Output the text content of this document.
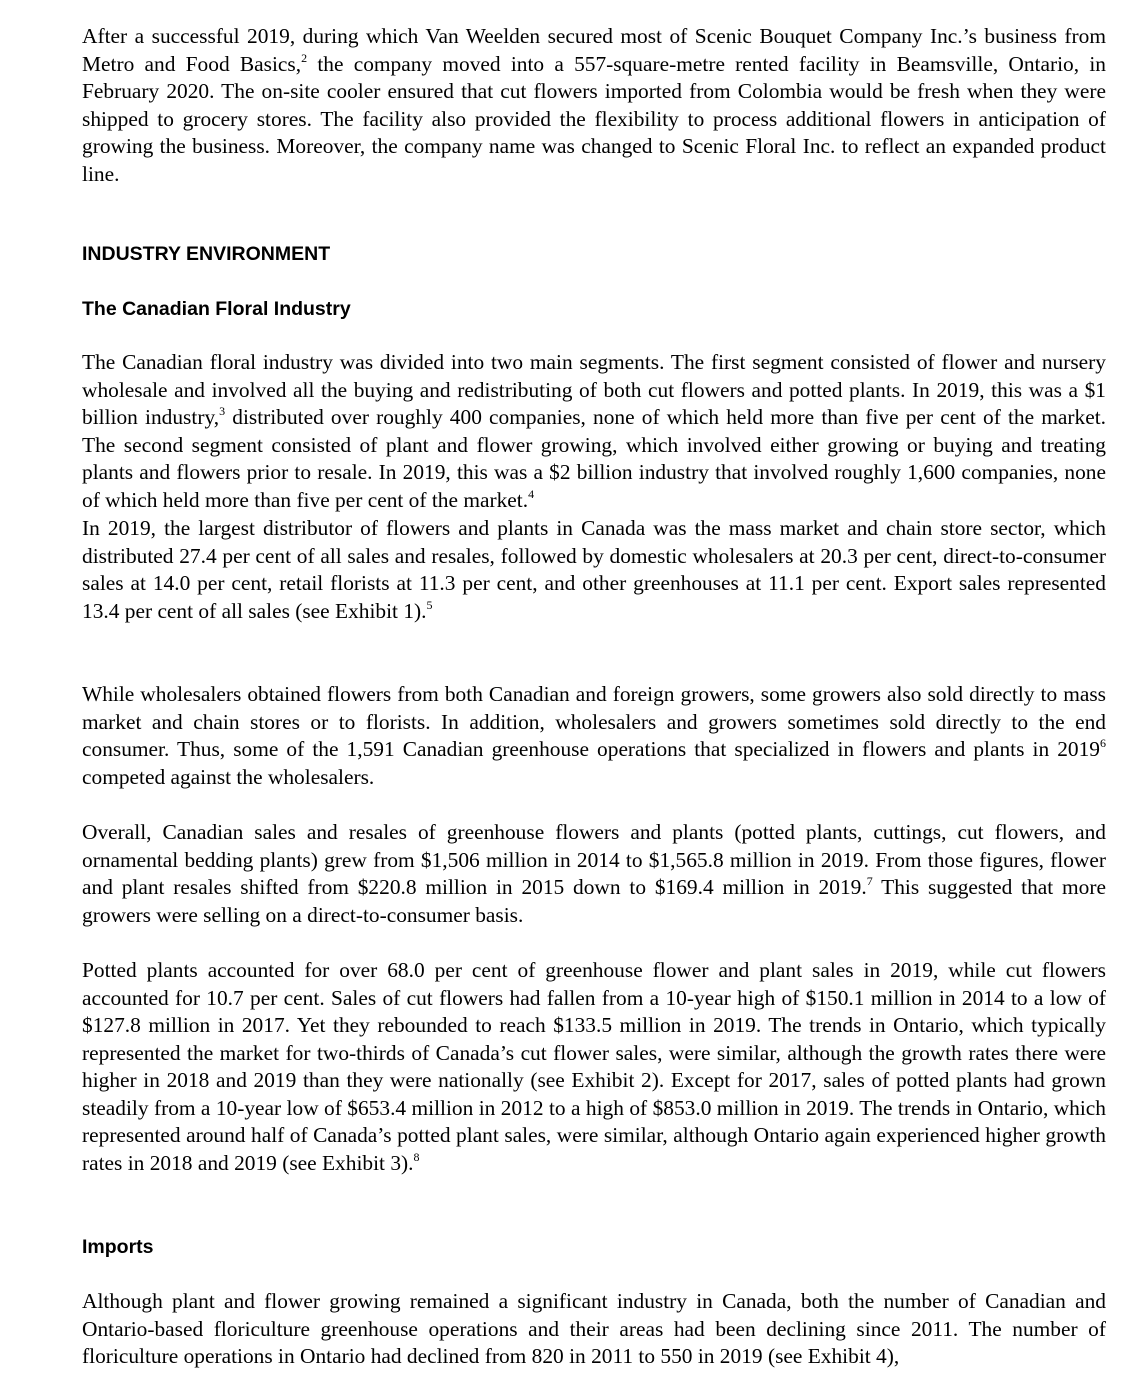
After a successful 2019, during which Van Weelden secured most of Scenic Bouquet Company Inc.’s business from Metro and Food Basics,$^2$ the company moved into a 557-square-metre rented facility in Beamsville, Ontario, in February 2020. The on-site cooler ensured that cut flowers imported from Colombia would be fresh when they were shipped to grocery stores. The facility also provided the flexibility to process additional flowers in anticipation of growing the business. Moreover, the company name was changed to Scenic Floral Inc. to reflect an expanded product line.

INDUSTRY ENVIRONMENT
The Canadian Floral Industry

The Canadian floral industry was divided into two main segments. The first segment consisted of flower and nursery wholesale and involved all the buying and redistributing of both cut flowers and potted plants. In 2019, this was a $1 billion industry,$^3$ distributed over roughly 400 companies, none of which held more than five per cent of the market. The second segment consisted of plant and flower growing, which involved either growing or buying and treating plants and flowers prior to resale. In 2019, this was a $2 billion industry that involved roughly 1,600 companies, none of which held more than five per cent of the market.$^4$

In 2019, the largest distributor of flowers and plants in Canada was the mass market and chain store sector, which distributed 27.4 per cent of all sales and resales, followed by domestic wholesalers at 20.3 per cent, direct-to-consumer sales at 14.0 per cent, retail florists at 11.3 per cent, and other greenhouses at 11.1 per cent. Export sales represented 13.4 per cent of all sales (see Exhibit 1).$^5$

While wholesalers obtained flowers from both Canadian and foreign growers, some growers also sold directly to mass market and chain stores or to florists. In addition, wholesalers and growers sometimes sold directly to the end consumer. Thus, some of the 1,591 Canadian greenhouse operations that specialized in flowers and plants in 2019$^6$ competed against the wholesalers.

Overall, Canadian sales and resales of greenhouse flowers and plants (potted plants, cuttings, cut flowers, and ornamental bedding plants) grew from $1,506 million in 2014 to $1,565.8 million in 2019. From those figures, flower and plant resales shifted from $220.8 million in 2015 down to $169.4 million in 2019.$^7$ This suggested that more growers were selling on a direct-to-consumer basis.

Potted plants accounted for over 68.0 per cent of greenhouse flower and plant sales in 2019, while cut flowers accounted for 10.7 per cent. Sales of cut flowers had fallen from a 10-year high of $150.1 million in 2014 to a low of $127.8 million in 2017. Yet they rebounded to reach $133.5 million in 2019. The trends in Ontario, which typically represented the market for two-thirds of Canada’s cut flower sales, were similar, although the growth rates there were higher in 2018 and 2019 than they were nationally (see Exhibit 2). Except for 2017, sales of potted plants had grown steadily from a 10-year low of $653.4 million in 2012 to a high of $853.0 million in 2019. The trends in Ontario, which represented around half of Canada’s potted plant sales, were similar, although Ontario again experienced higher growth rates in 2018 and 2019 (see Exhibit 3).$^8$

Imports

Although plant and flower growing remained a significant industry in Canada, both the number of Canadian and Ontario-based floriculture greenhouse operations and their areas had been declining since 2011. The number of floriculture operations in Ontario had declined from 820 in 2011 to 550 in 2019 (see Exhibit 4),
